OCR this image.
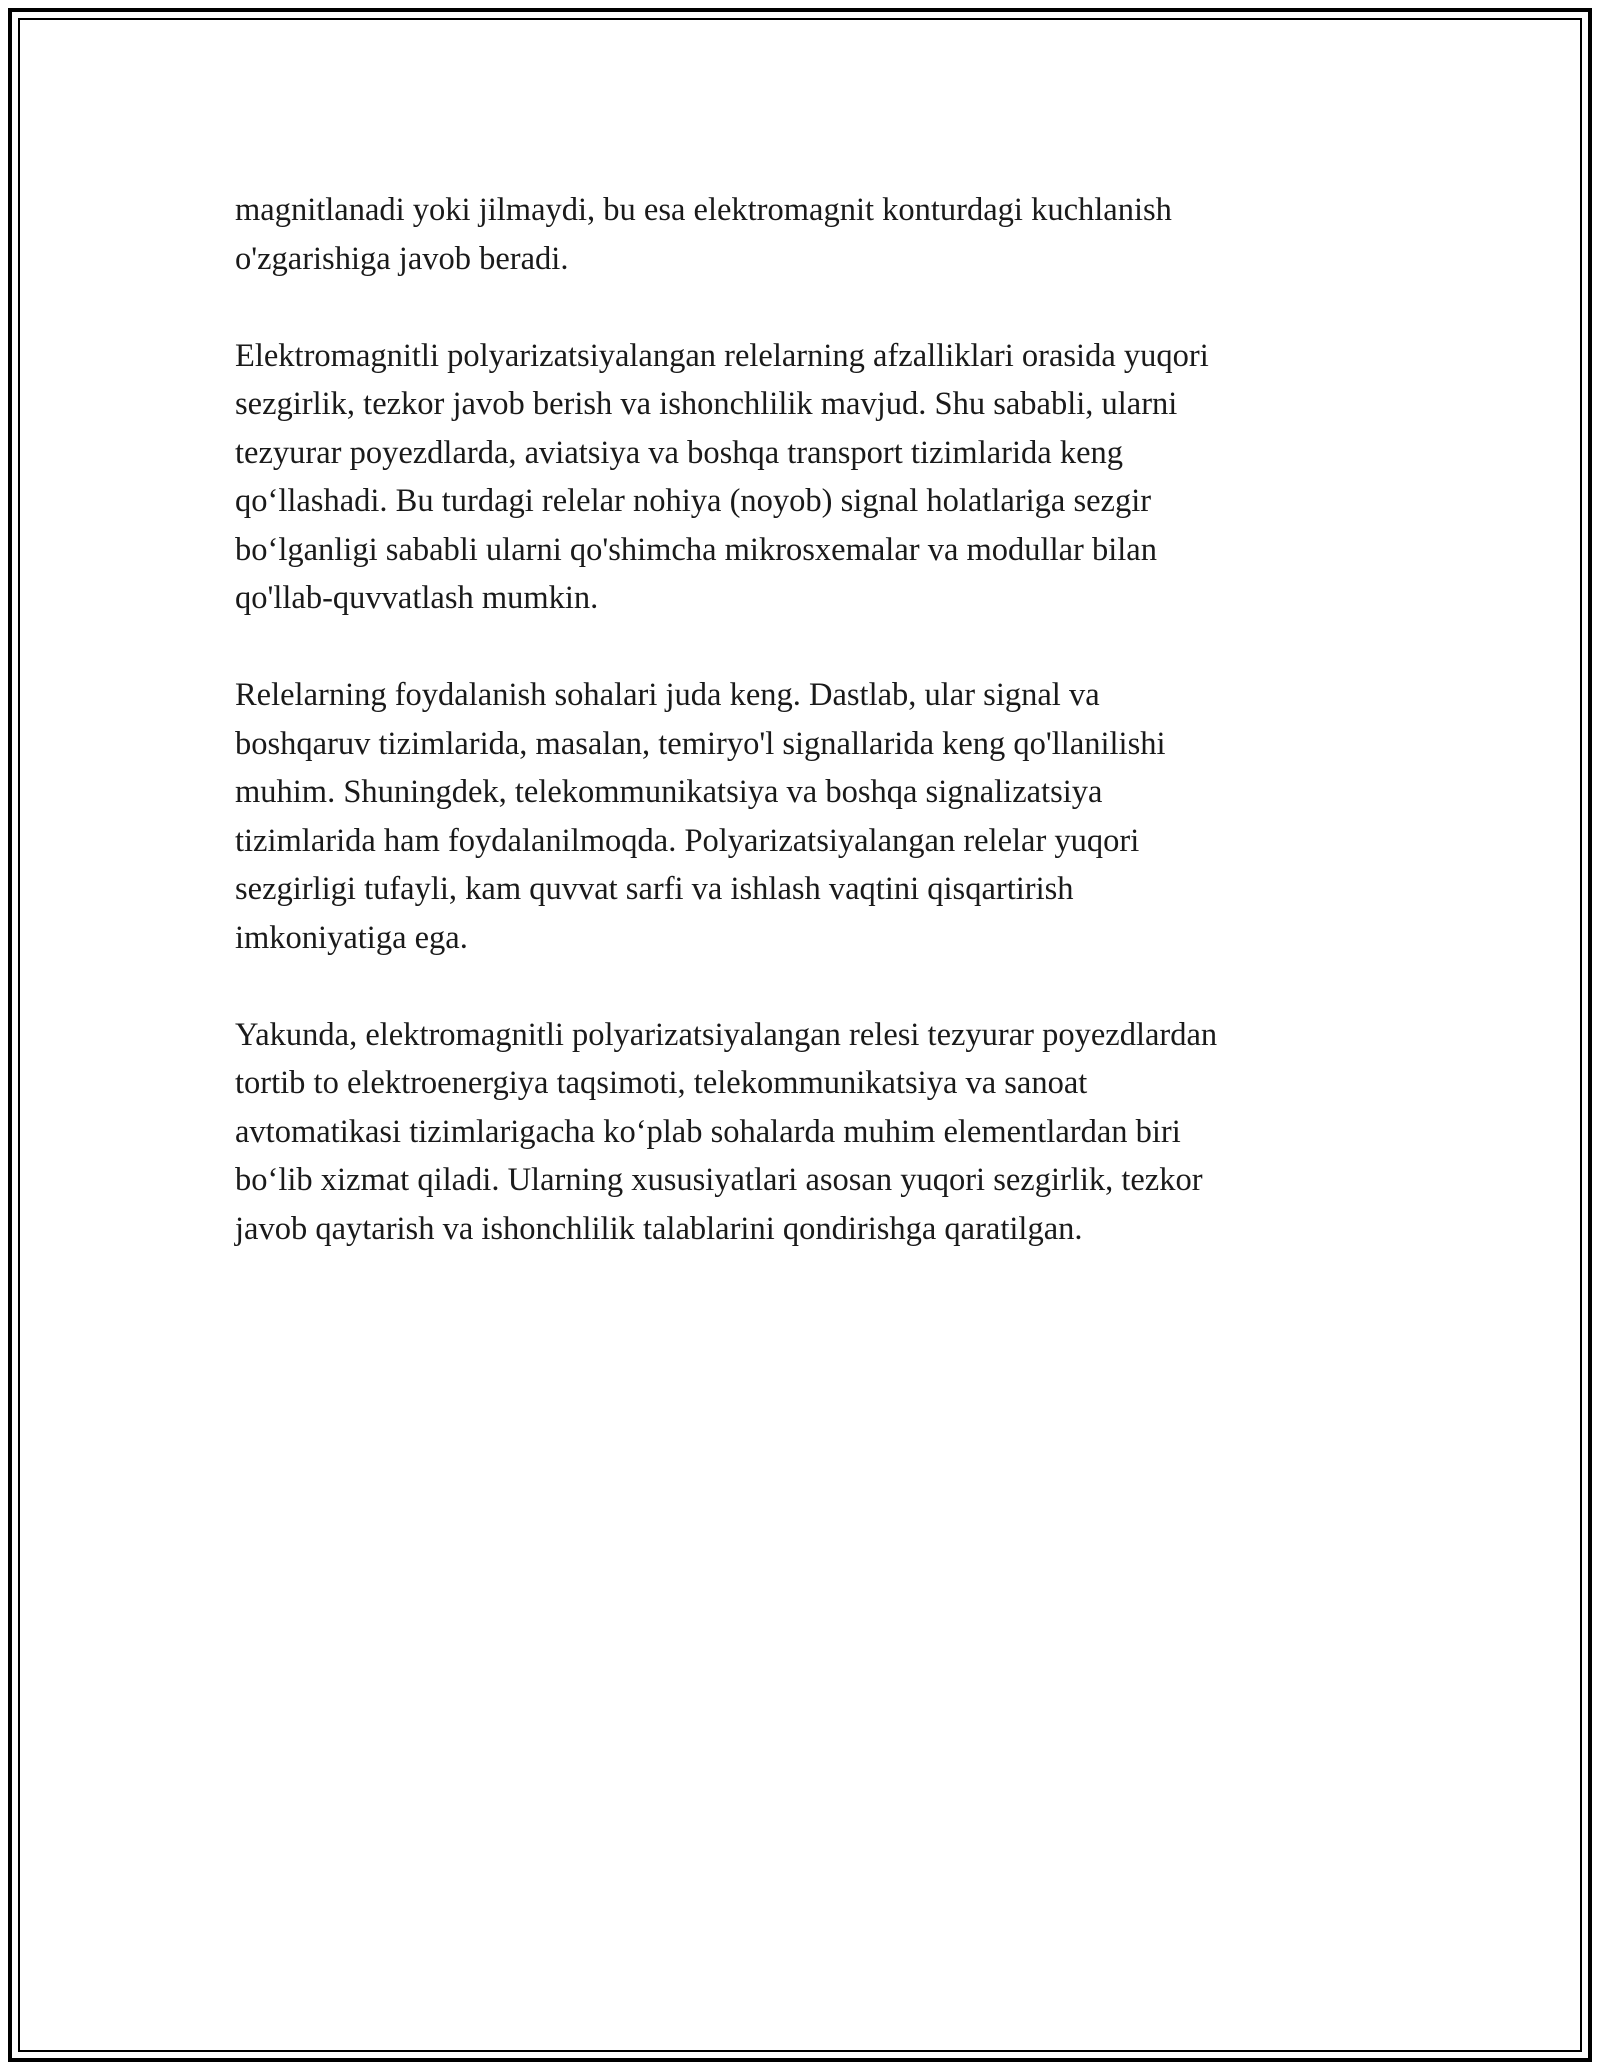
magnitlanadi yoki jilmaydi, bu esa elektromagnit konturdagi kuchlanish
o'zgarishiga javob beradi.

Elektromagnitli polyarizatsiyalangan relelarning afzalliklari orasida yuqori
sezgirlik, tezkor javob berish va ishonchlilik mavjud. Shu sababli, ularni
tezyurar poyezdlarda, aviatsiya va boshqa transport tizimlarida keng
qo‘llashadi. Bu turdagi relelar nohiya (noyob) signal holatlariga sezgir
bo‘lganligi sababli ularni qo'shimcha mikrosxemalar va modullar bilan
qo'llab-quvvatlash mumkin.

Relelarning foydalanish sohalari juda keng. Dastlab, ular signal va
boshqaruv tizimlarida, masalan, temiryo'l signallarida keng qo'llanilishi
muhim. Shuningdek, telekommunikatsiya va boshqa signalizatsiya
tizimlarida ham foydalanilmoqda. Polyarizatsiyalangan relelar yuqori
sezgirligi tufayli, kam quvvat sarfi va ishlash vaqtini qisqartirish
imkoniyatiga ega.

Yakunda, elektromagnitli polyarizatsiyalangan relesi tezyurar poyezdlardan
tortib to elektroenergiya taqsimoti, telekommunikatsiya va sanoat
avtomatikasi tizimlarigacha ko‘plab sohalarda muhim elementlardan biri
bo‘lib xizmat qiladi. Ularning xususiyatlari asosan yuqori sezgirlik, tezkor
javob qaytarish va ishonchlilik talablarini qondirishga qaratilgan.
